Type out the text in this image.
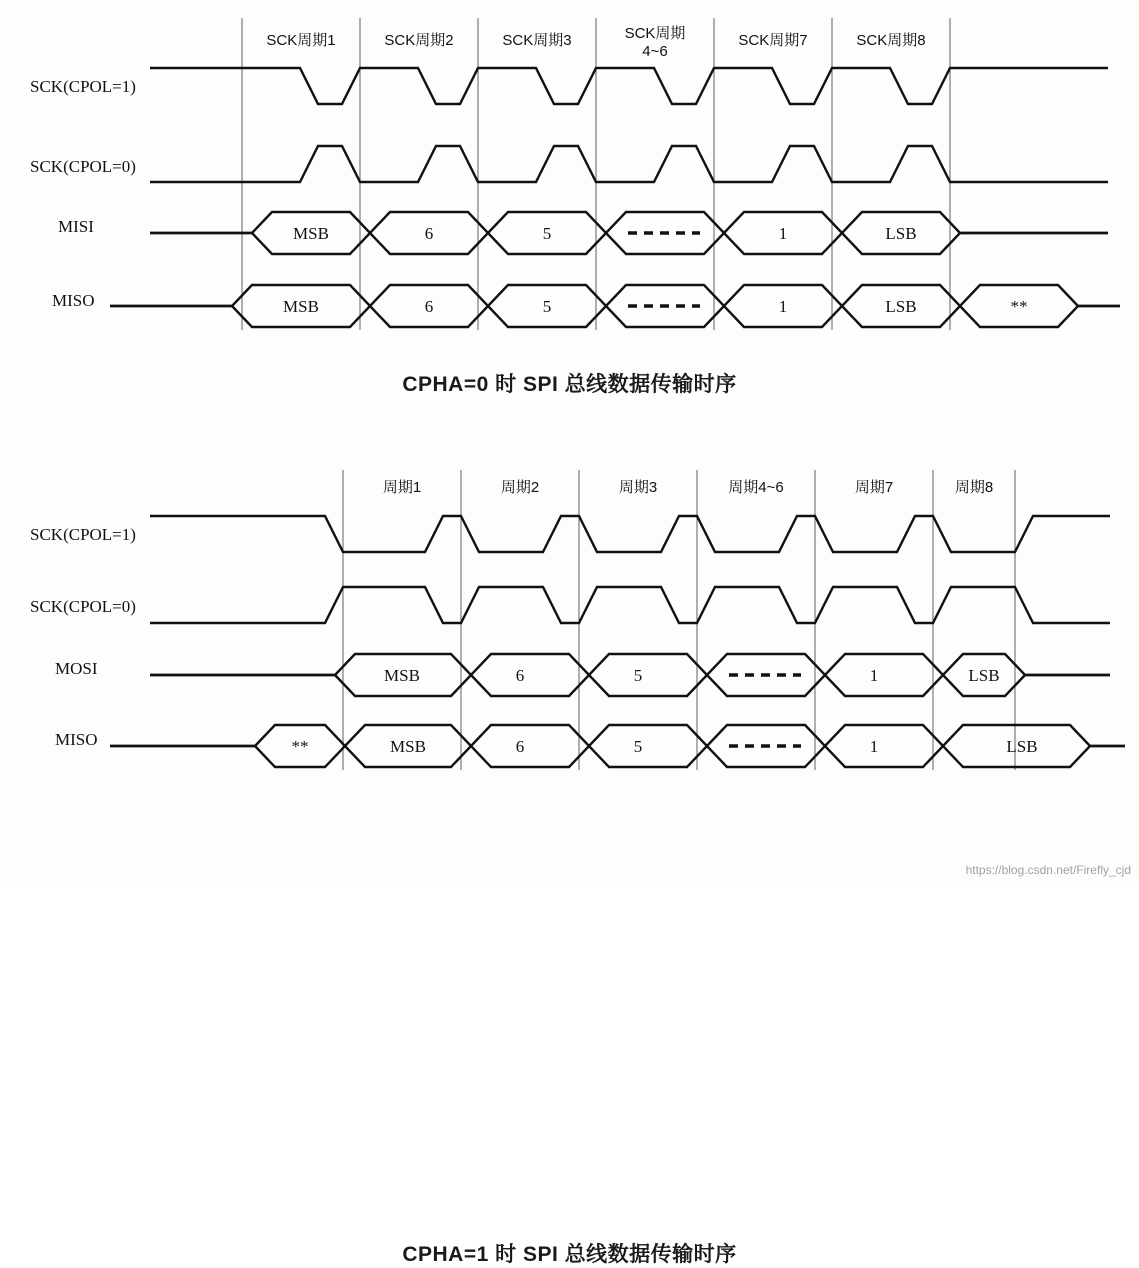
SCK周期1	SCK周期2	SCK周期3	SCK周期
4~6
SCK周期7	SCK周期8
SCK(CPOL=1)
SCK(CPOL=0)
MISI
MISO
MSB	6	5	1	LSB
MSB	6	5	1	LSB	**
CPHA=0 时 SPI 总线数据传输时序
周期1	周期2	周期3	周期4~6	周期7	周期8
SCK(CPOL=1)
SCK(CPOL=0)
MOSI
MISO
MSB	6	5	1	LSB
**	MSB	6	5	1	LSB
CPHA=1 时 SPI 总线数据传输时序
https://blog.csdn.net/Firefly_cjd
